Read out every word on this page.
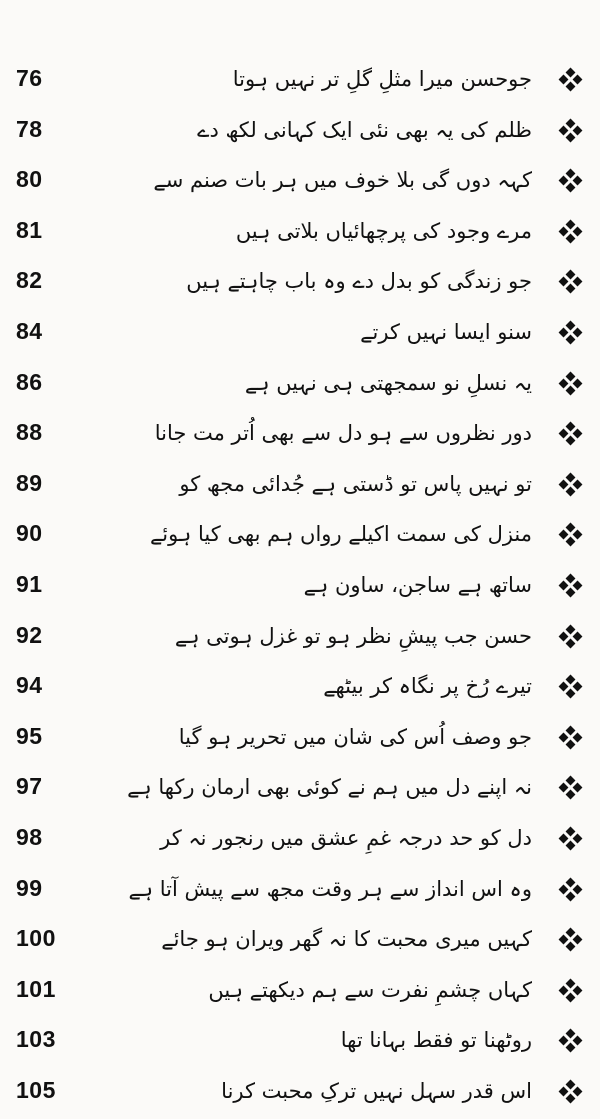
76	جوحسن میرا مثلِ گلِ تر نہیں ہوتا
78	ظلم کی یہ بھی نئی ایک کہانی لکھ دے
80	کہہ دوں گی بلا خوف میں ہر بات صنم سے
81	مرے وجود کی پرچھائیاں بلاتی ہیں
82	جو زندگی کو بدل دے وہ باب چاہتے ہیں
84	سنو ایسا نہیں کرتے
86	یہ نسلِ نو سمجھتی ہی نہیں ہے
88	دور نظروں سے ہو دل سے بھی اُتر مت جانا
89	تو نہیں پاس تو ڈستی ہے جُدائی مجھ کو
90	منزل کی سمت اکیلے رواں ہم بھی کیا ہوئے
91	ساتھ ہے ساجن، ساون ہے
92	حسن جب پیشِ نظر ہو تو غزل ہوتی ہے
94	تیرے رُخ پر نگاہ کر بیٹھے
95	جو وصف اُس کی شان میں تحریر ہو گیا
97	نہ اپنے دل میں ہم نے کوئی بھی ارمان رکھا ہے
98	دل کو حد درجہ غمِ عشق میں رنجور نہ کر
99	وہ اس انداز سے ہر وقت مجھ سے پیش آتا ہے
100	کہیں میری محبت کا نہ گھر ویران ہو جائے
101	کہاں چشمِ نفرت سے ہم دیکھتے ہیں
103	روٹھنا تو فقط بہانا تھا
105	اس قدر سہل نہیں ترکِ محبت کرنا
